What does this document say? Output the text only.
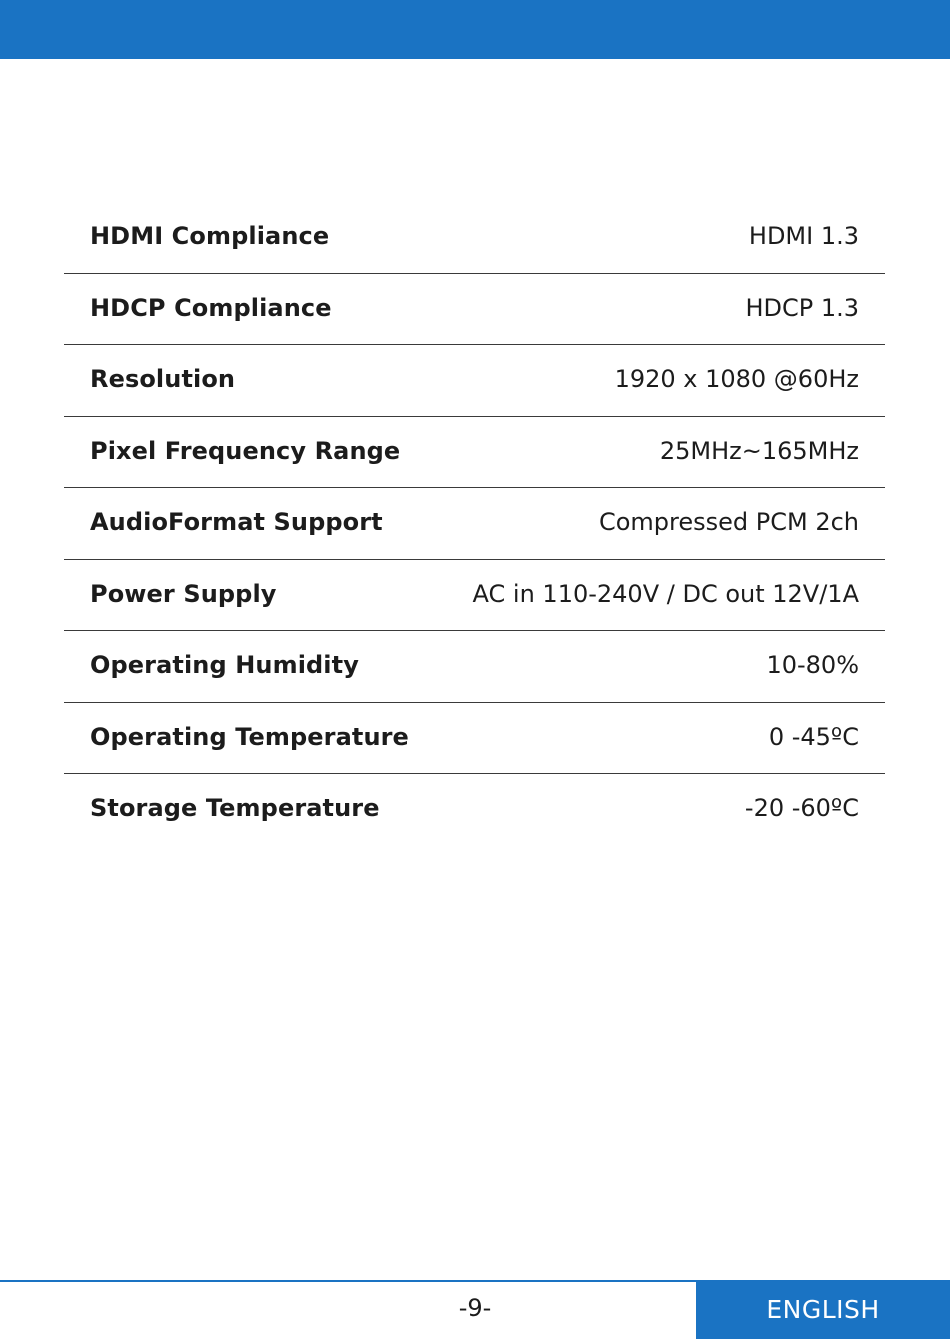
HDMI Compliance	HDMI 1.3
HDCP Compliance	HDCP 1.3
Resolution	1920 x 1080 @60Hz
Pixel Frequency Range	25MHz~165MHz
AudioFormat Support	Compressed PCM 2ch
Power Supply	AC in 110-240V / DC out 12V/1A
Operating Humidity	10-80%
Operating Temperature	0 -45ºC
Storage Temperature	-20 -60ºC
-9-	ENGLISH
